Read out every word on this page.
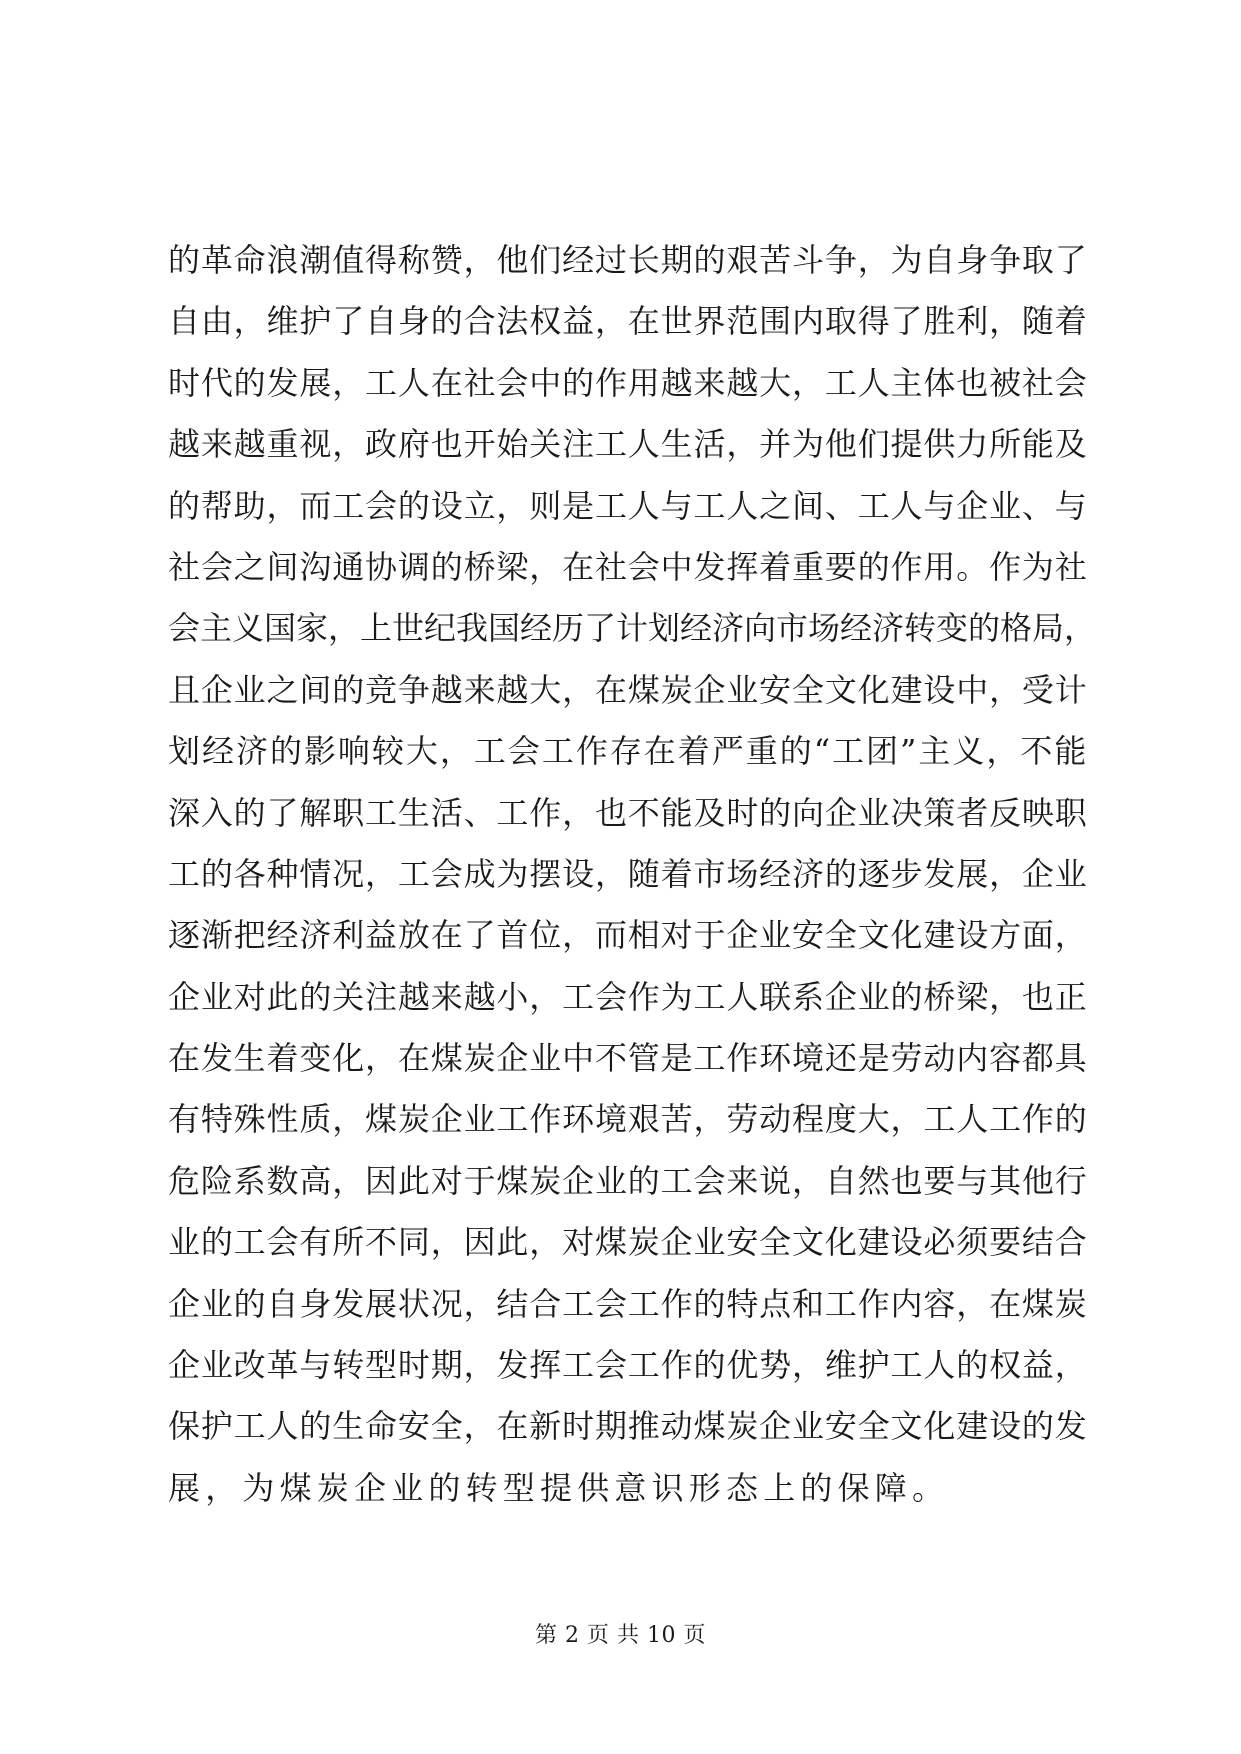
的革命浪潮值得称赞，他们经过长期的艰苦斗争，为自身争取了
自由，维护了自身的合法权益，在世界范围内取得了胜利，随着
时代的发展，工人在社会中的作用越来越大，工人主体也被社会
越来越重视，政府也开始关注工人生活，并为他们提供力所能及
的帮助，而工会的设立，则是工人与工人之间、工人与企业、与
社会之间沟通协调的桥梁，在社会中发挥着重要的作用。作为社
会主义国家，上世纪我国经历了计划经济向市场经济转变的格局，
且企业之间的竞争越来越大，在煤炭企业安全文化建设中，受计
划经济的影响较大，工会工作存在着严重的“工团”主义，不能
深入的了解职工生活、工作，也不能及时的向企业决策者反映职
工的各种情况，工会成为摆设，随着市场经济的逐步发展，企业
逐渐把经济利益放在了首位，而相对于企业安全文化建设方面，
企业对此的关注越来越小，工会作为工人联系企业的桥梁，也正
在发生着变化，在煤炭企业中不管是工作环境还是劳动内容都具
有特殊性质，煤炭企业工作环境艰苦，劳动程度大，工人工作的
危险系数高，因此对于煤炭企业的工会来说，自然也要与其他行
业的工会有所不同，因此，对煤炭企业安全文化建设必须要结合
企业的自身发展状况，结合工会工作的特点和工作内容，在煤炭
企业改革与转型时期，发挥工会工作的优势，维护工人的权益，
保护工人的生命安全，在新时期推动煤炭企业安全文化建设的发
展，为煤炭企业的转型提供意识形态上的保障。
第 2 页 共 10 页
